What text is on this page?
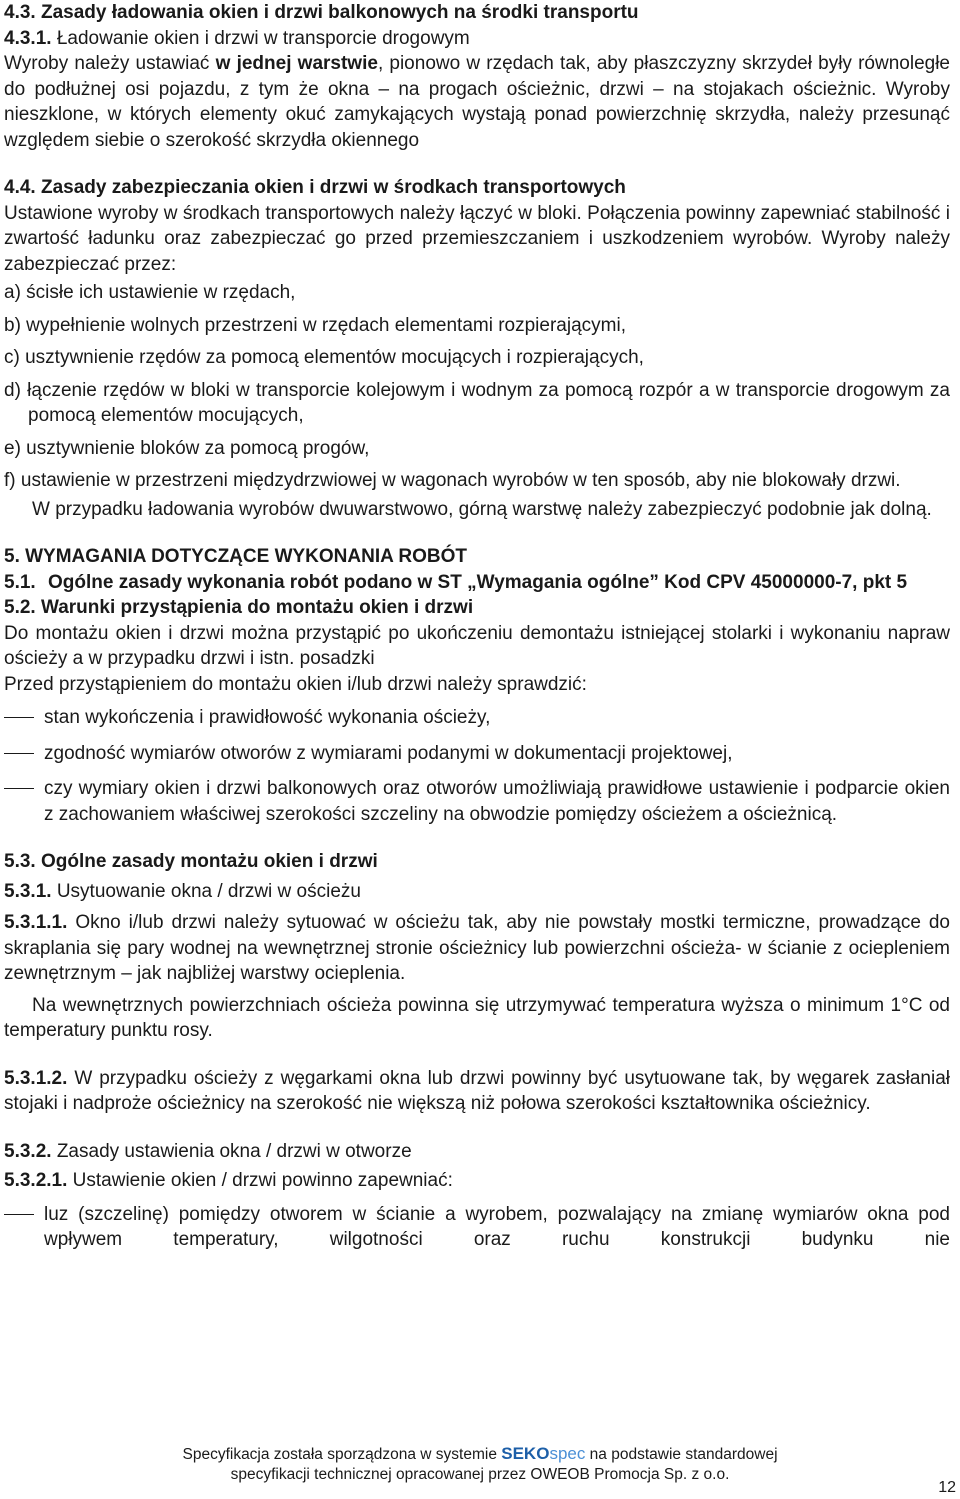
4.3. Zasady ładowania okien i drzwi balkonowych na środki transportu
4.3.1. Ładowanie okien i drzwi w transporcie drogowym
Wyroby należy ustawiać w jednej warstwie, pionowo w rzędach tak, aby płaszczyzny skrzydeł były równoległe do podłużnej osi pojazdu, z tym że okna – na progach ościeżnic, drzwi – na stojakach ościeżnic. Wyroby nieszklone, w których elementy okuć zamykających wystają ponad powierzchnię skrzydła, należy przesunąć względem siebie o szerokość skrzydła okiennego
4.4. Zasady zabezpieczania okien i drzwi w środkach transportowych
Ustawione wyroby w środkach transportowych należy łączyć w bloki. Połączenia powinny zapewniać stabilność i zwartość ładunku oraz zabezpieczać go przed przemieszczaniem i uszkodzeniem wyrobów. Wyroby należy zabezpieczać przez:
a) ścisłe ich ustawienie w rzędach,
b) wypełnienie wolnych przestrzeni w rzędach elementami rozpierającymi,
c) usztywnienie rzędów za pomocą elementów mocujących i rozpierających,
d) łączenie rzędów w bloki w transporcie kolejowym i wodnym za pomocą rozpór a w transporcie drogowym za pomocą elementów mocujących,
e) usztywnienie bloków za pomocą progów,
f) ustawienie w przestrzeni międzydrzwiowej w wagonach wyrobów w ten sposób, aby nie blokowały drzwi.
W przypadku ładowania wyrobów dwuwarstwowo, górną warstwę należy zabezpieczyć podobnie jak dolną.
5. WYMAGANIA DOTYCZĄCE WYKONANIA ROBÓT
5.1. Ogólne zasady wykonania robót podano w ST „Wymagania ogólne” Kod CPV 45000000-7, pkt 5
5.2. Warunki przystąpienia do montażu okien i drzwi
Do montażu okien i drzwi można przystąpić po ukończeniu demontażu istniejącej stolarki i wykonaniu napraw ościeży a w przypadku drzwi i istn. posadzki
Przed przystąpieniem do montażu okien i/lub drzwi należy sprawdzić:
stan wykończenia i prawidłowość wykonania ościeży,
zgodność wymiarów otworów z wymiarami podanymi w dokumentacji projektowej,
czy wymiary okien i drzwi balkonowych oraz otworów umożliwiają prawidłowe ustawienie i podparcie okien z zachowaniem właściwej szerokości szczeliny na obwodzie pomiędzy ościeżem a ościeżnicą.
5.3. Ogólne zasady montażu okien i drzwi
5.3.1. Usytuowanie okna / drzwi w ościeżu
5.3.1.1. Okno i/lub drzwi należy sytuować w ościeżu tak, aby nie powstały mostki termiczne, prowadzące do skraplania się pary wodnej na wewnętrznej stronie ościeżnicy lub powierzchni ościeża- w ścianie z ociepleniem zewnętrznym – jak najbliżej warstwy ocieplenia.
Na wewnętrznych powierzchniach ościeża powinna się utrzymywać temperatura wyższa o minimum 1°C od temperatury punktu rosy.
5.3.1.2. W przypadku ościeży z węgarkami okna lub drzwi powinny być usytuowane tak, by węgarek zasłaniał stojaki i nadproże ościeżnicy na szerokość nie większą niż połowa szerokości kształtownika ościeżnicy.
5.3.2. Zasady ustawienia okna / drzwi w otworze
5.3.2.1. Ustawienie okien / drzwi powinno zapewniać:
luz (szczelinę) pomiędzy otworem w ścianie a wyrobem, pozwalający na zmianę wymiarów okna pod wpływem temperatury, wilgotności oraz ruchu konstrukcji budynku nie
Specyfikacja została sporządzona w systemie SEKOspec na podstawie standardowej
specyfikacji technicznej opracowanej przez OWEOB Promocja Sp. z o.o.
12
